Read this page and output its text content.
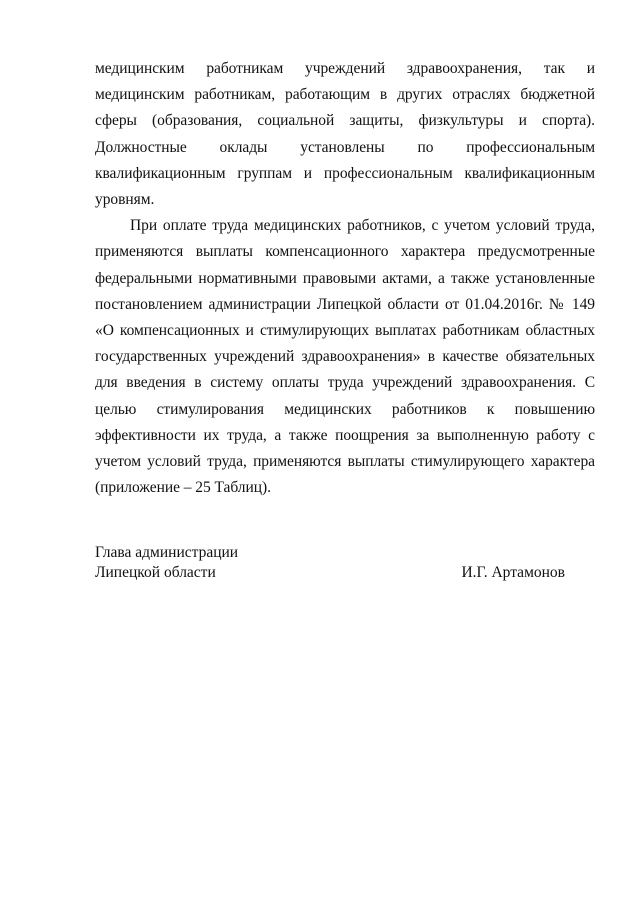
медицинским работникам учреждений здравоохранения, так и медицинским работникам, работающим в других отраслях бюджетной сферы (образования, социальной защиты, физкультуры и спорта). Должностные оклады установлены по профессиональным квалификационным группам и профессиональным квалификационным уровням.

При оплате труда медицинских работников, с учетом условий труда, применяются выплаты компенсационного характера предусмотренные федеральными нормативными правовыми актами, а также установленные постановлением администрации Липецкой области от 01.04.2016г. № 149 «О компенсационных и стимулирующих выплатах работникам областных государственных учреждений здравоохранения» в качестве обязательных для введения в систему оплаты труда учреждений здравоохранения. С целью стимулирования медицинских работников к повышению эффективности их труда, а также поощрения за выполненную работу с учетом условий труда, применяются выплаты стимулирующего характера (приложение – 25 Таблиц).

Глава администрации
Липецкой области	И.Г. Артамонов
